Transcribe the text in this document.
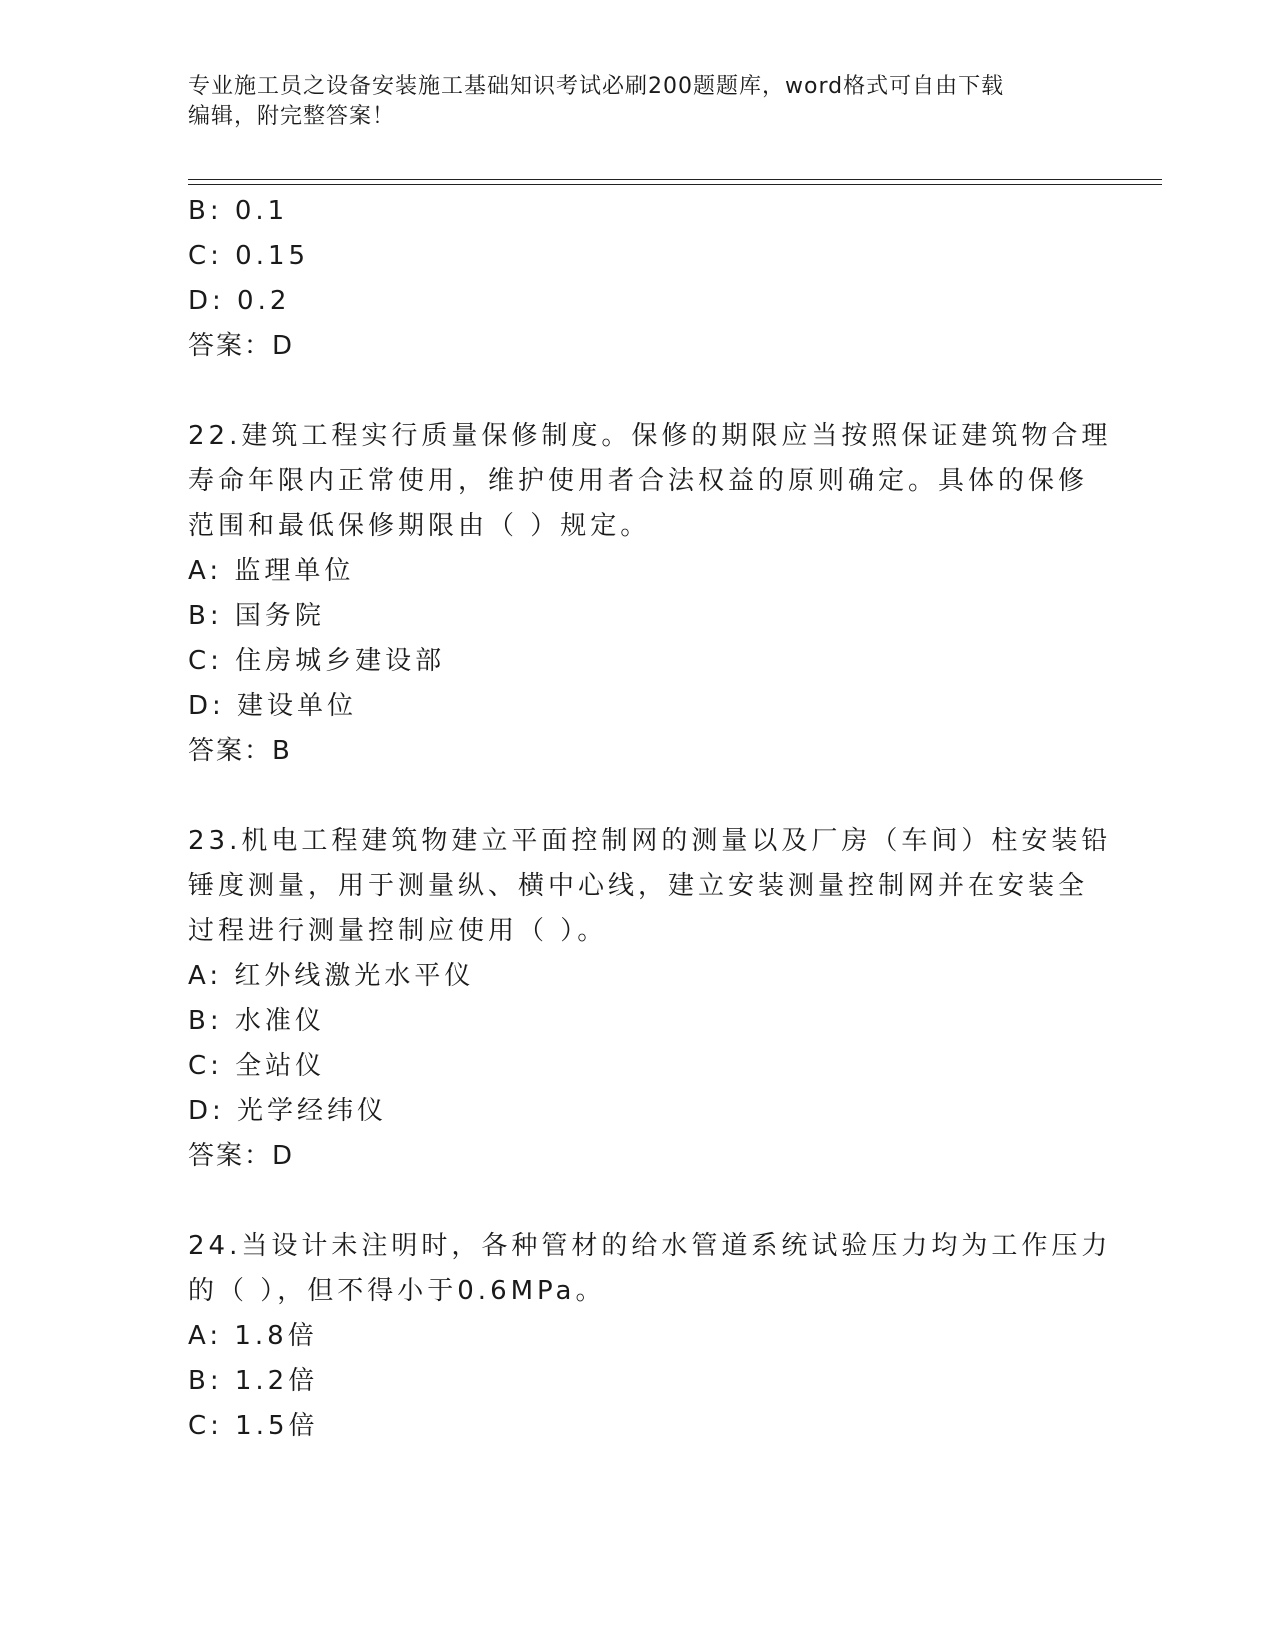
专业施工员之设备安装施工基础知识考试必刷200题题库，word格式可自由下载
编辑，附完整答案！
B: 0.1
C: 0.15
D: 0.2
答案：D
22.建筑工程实行质量保修制度。保修的期限应当按照保证建筑物合理
寿命年限内正常使用，维护使用者合法权益的原则确定。具体的保修
范围和最低保修期限由（ ）规定。
A: 监理单位
B: 国务院
C: 住房城乡建设部
D: 建设单位
答案：B
23.机电工程建筑物建立平面控制网的测量以及厂房（车间）柱安装铅
锤度测量，用于测量纵、横中心线，建立安装测量控制网并在安装全
过程进行测量控制应使用（ ）。
A: 红外线激光水平仪
B: 水准仪
C: 全站仪
D: 光学经纬仪
答案：D
24.当设计未注明时，各种管材的给水管道系统试验压力均为工作压力
的（ ），但不得小于0.6MPa。
A: 1.8倍
B: 1.2倍
C: 1.5倍
